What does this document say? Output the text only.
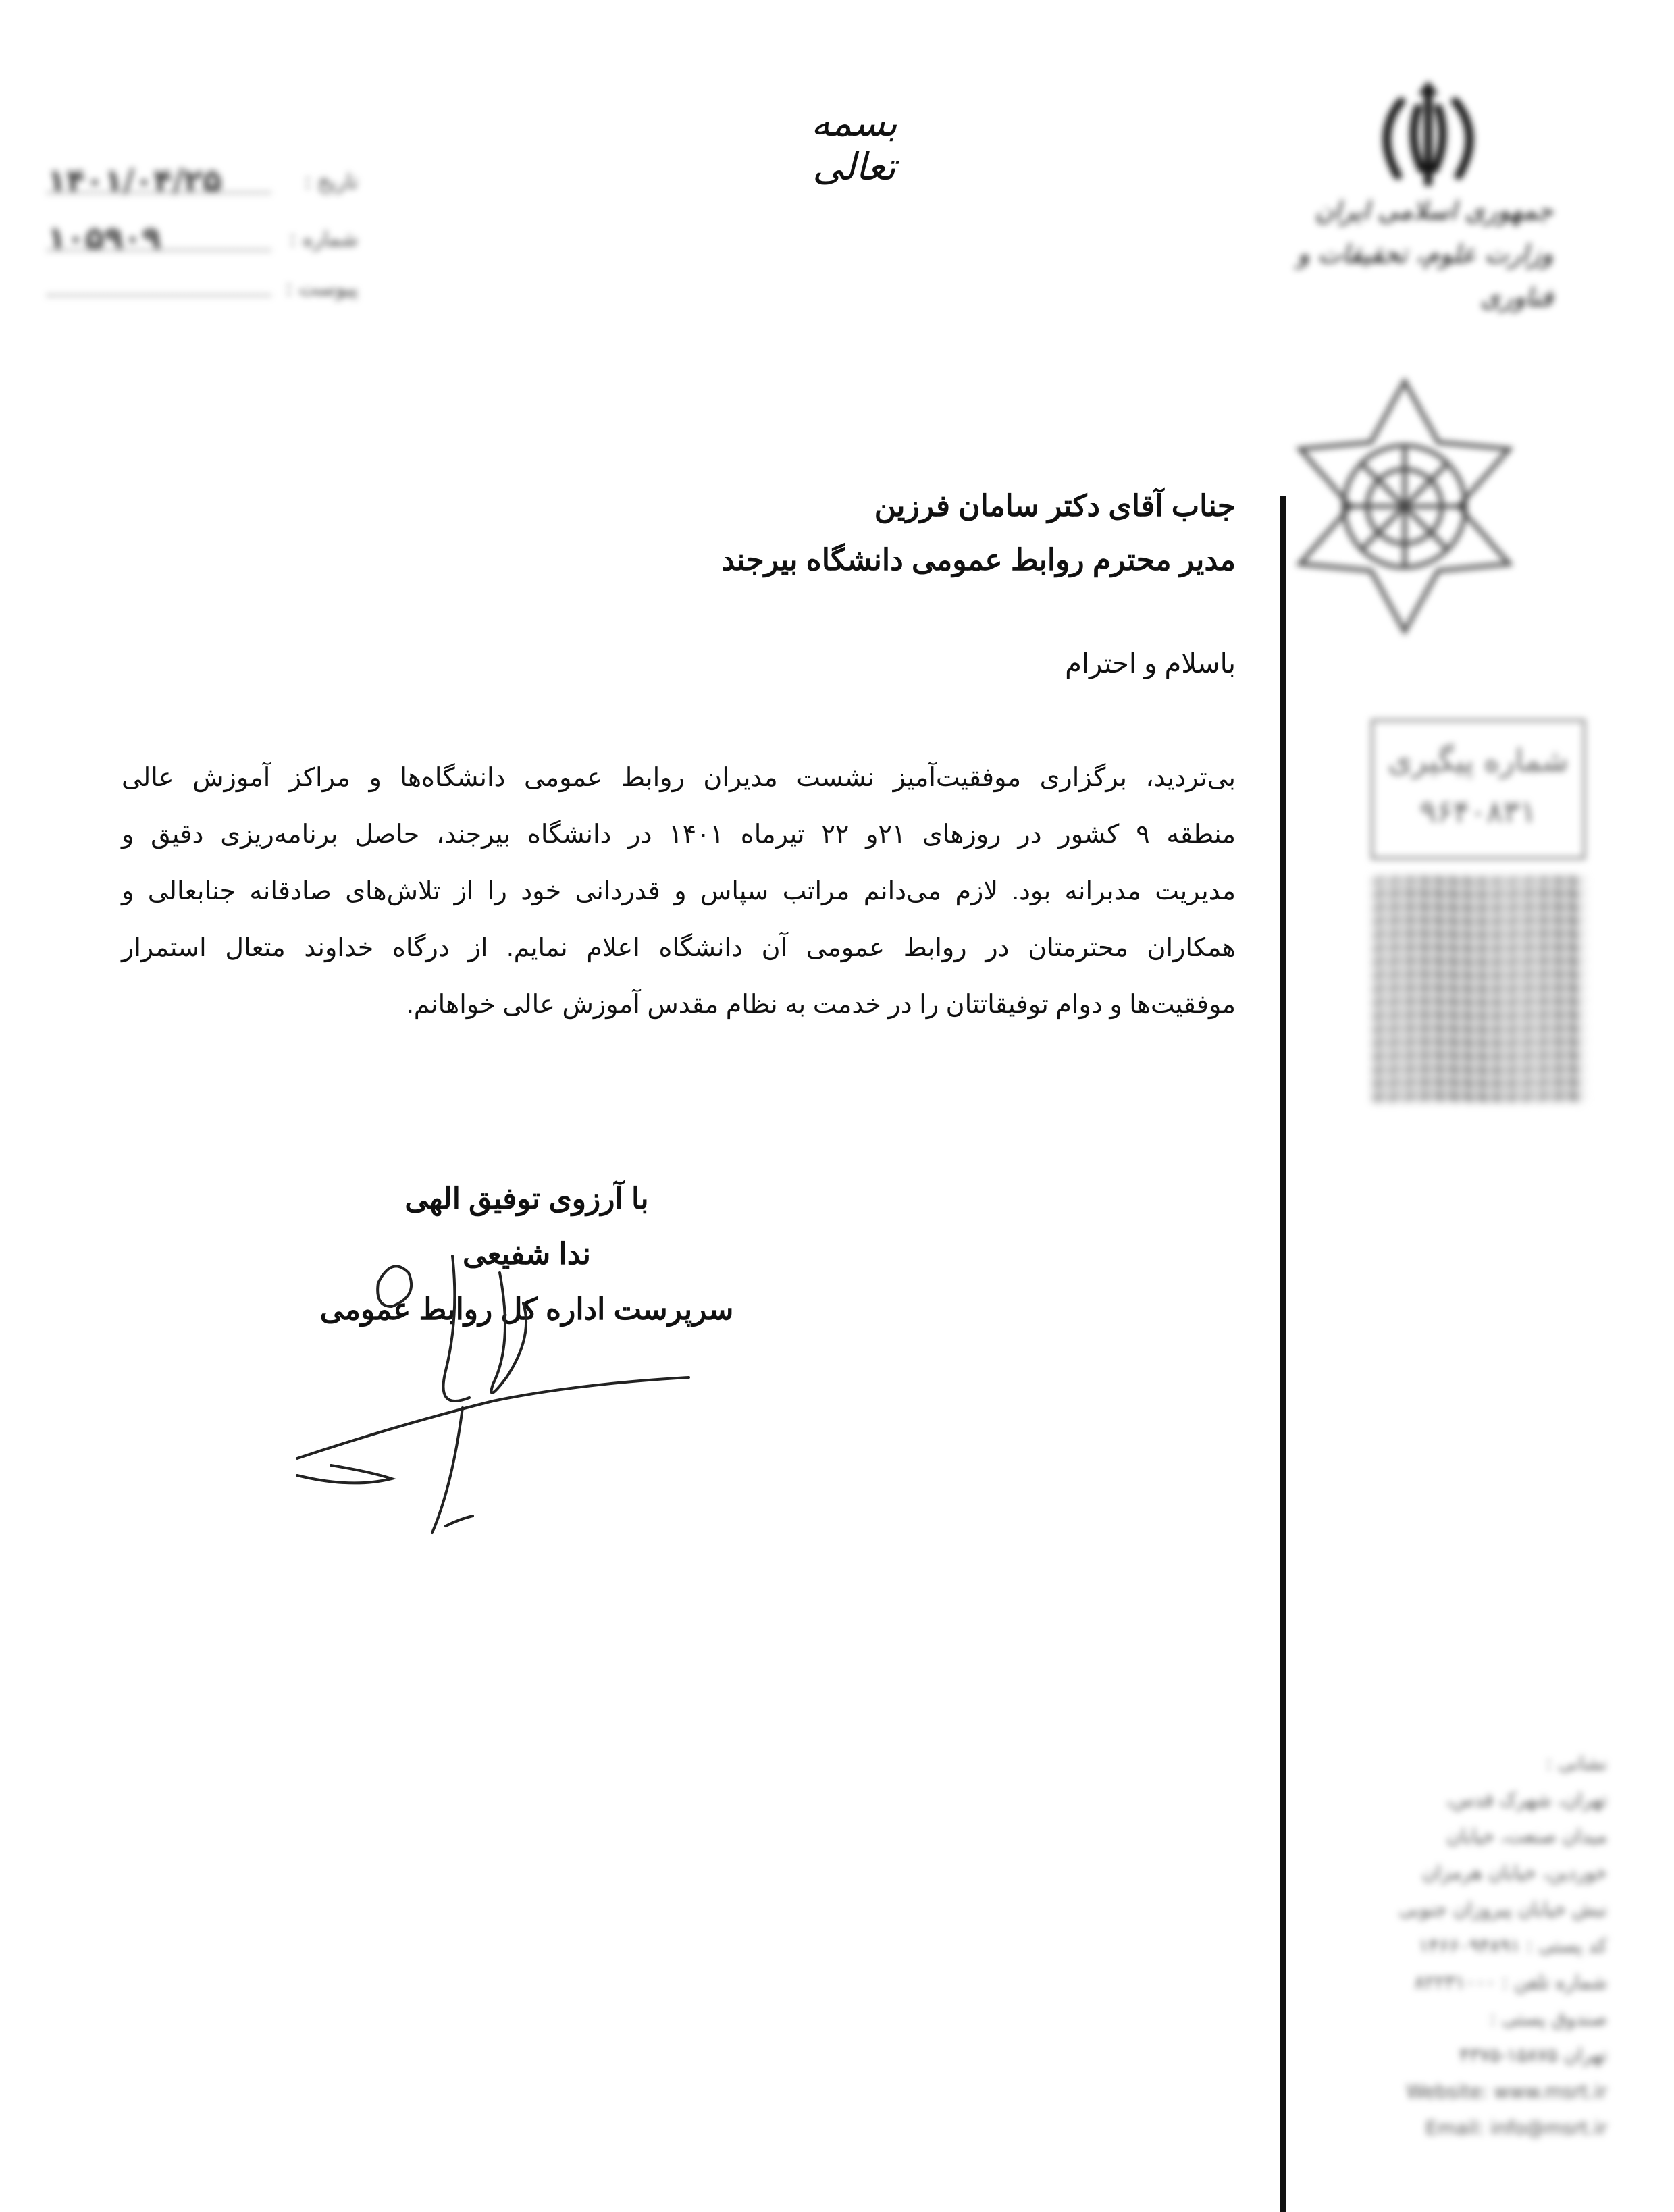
بسمه تعالی
جمهوری اسلامی ایران
وزارت علوم، تحقیقات و فناوری
۱۴۰۱/۰۴/۲۵	تاریخ :
۱۰۵۹۰۹	شماره :
پیوست :
شماره پیگیری
۹۶۴۰۸۳۱
نشانی :
تهران، شهرک قدس،
میدان صنعت، خیابان
خوردین، خیابان هرمزان
نبش خیابان پیروزان جنوبی
کد پستی : ۱۴۶۶۰۹۴۸۹۱
شماره تلفن : ۸۲۲۳۱۰۰۰
صندوق پستی :
تهران ۱۵۸۷۵-۴۳۷۵
Website: www.msrt.ir
Email: info@msrt.ir
جناب آقای دکتر سامان فرزین
مدیر محترم روابط عمومی دانشگاه بیرجند
باسلام و احترام
بی‌تردید، برگزاری موفقیت‌آمیز نشست مدیران روابط عمومی دانشگاه‌ها و مراکز آموزش عالی
منطقه ۹ کشور در روزهای ۲۱و ۲۲ تیرماه ۱۴۰۱ در دانشگاه بیرجند، حاصل برنامه‌ریزی دقیق و
مدیریت مدبرانه بود. لازم می‌دانم مراتب سپاس و قدردانی خود را از تلاش‌های صادقانه جنابعالی و
همکاران محترمتان در روابط عمومی آن دانشگاه اعلام نمایم. از درگاه خداوند متعال استمرار
موفقیت‌ها و دوام توفیقاتتان را در خدمت به نظام مقدس آموزش عالی خواهانم.
با آرزوی توفیق الهی
ندا شفیعی
سرپرست اداره کل روابط عمومی
